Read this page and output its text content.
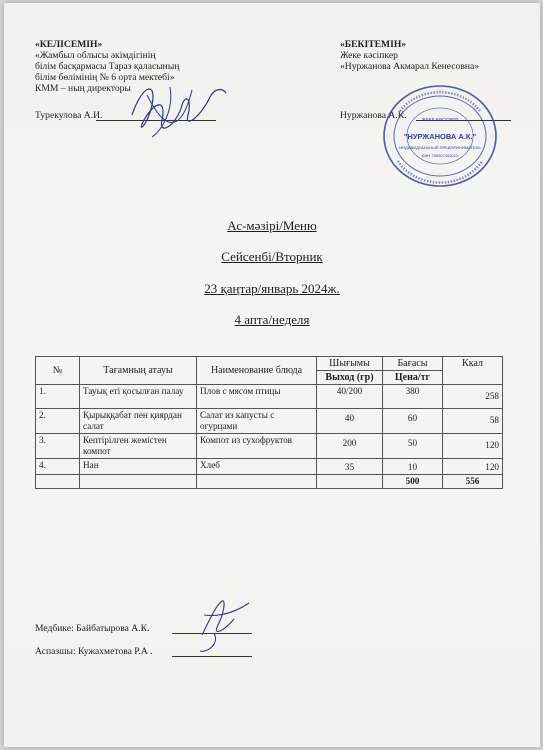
«КЕЛІСЕМІН»
«Жамбыл облысы әкімдігінің
білім басқармасы Тараз қаласының
білім бөлімінің № 6 орта мектебі»
КММ – ның директоры
Турекулова А.И.
«БЕКІТЕМІН»
Жеке кәсіпкер
«Нуржанова Акмарал Кенесовна»
Нуржанова А.К.	ЖЕКЕ КӘСІПКЕР
"НУРЖАНОВА А.К."
ИНДИВИДУАЛЬНЫЙ ПРЕДПРИНИМАТЕЛЬ
БИН 790007402021
Ас-мәзірі/Меню
Сейсенбі/Вторник
23 қаңтар/январь 2024ж.
4 апта/неделя
№	Тағамның атауы	Наименование блюда	Шығымы	Бағасы	Ккал
			Выход (гр)	Цена/тг	
1.	Тауық еті қосылған палау	Плов с мясом птицы	40/200	380	258
2.	Қырыққабат пен қиярдан салат	Салат из капусты с огурцами	40	60	58
3.	Кептірілген жемістен компот	Компот из сухофруктов	200	50	120
4.	Нан	Хлеб	35	10	120
				500	556
Медбике: Байбатырова А.К.
Аспазшы: Кужахметова Р.А .
